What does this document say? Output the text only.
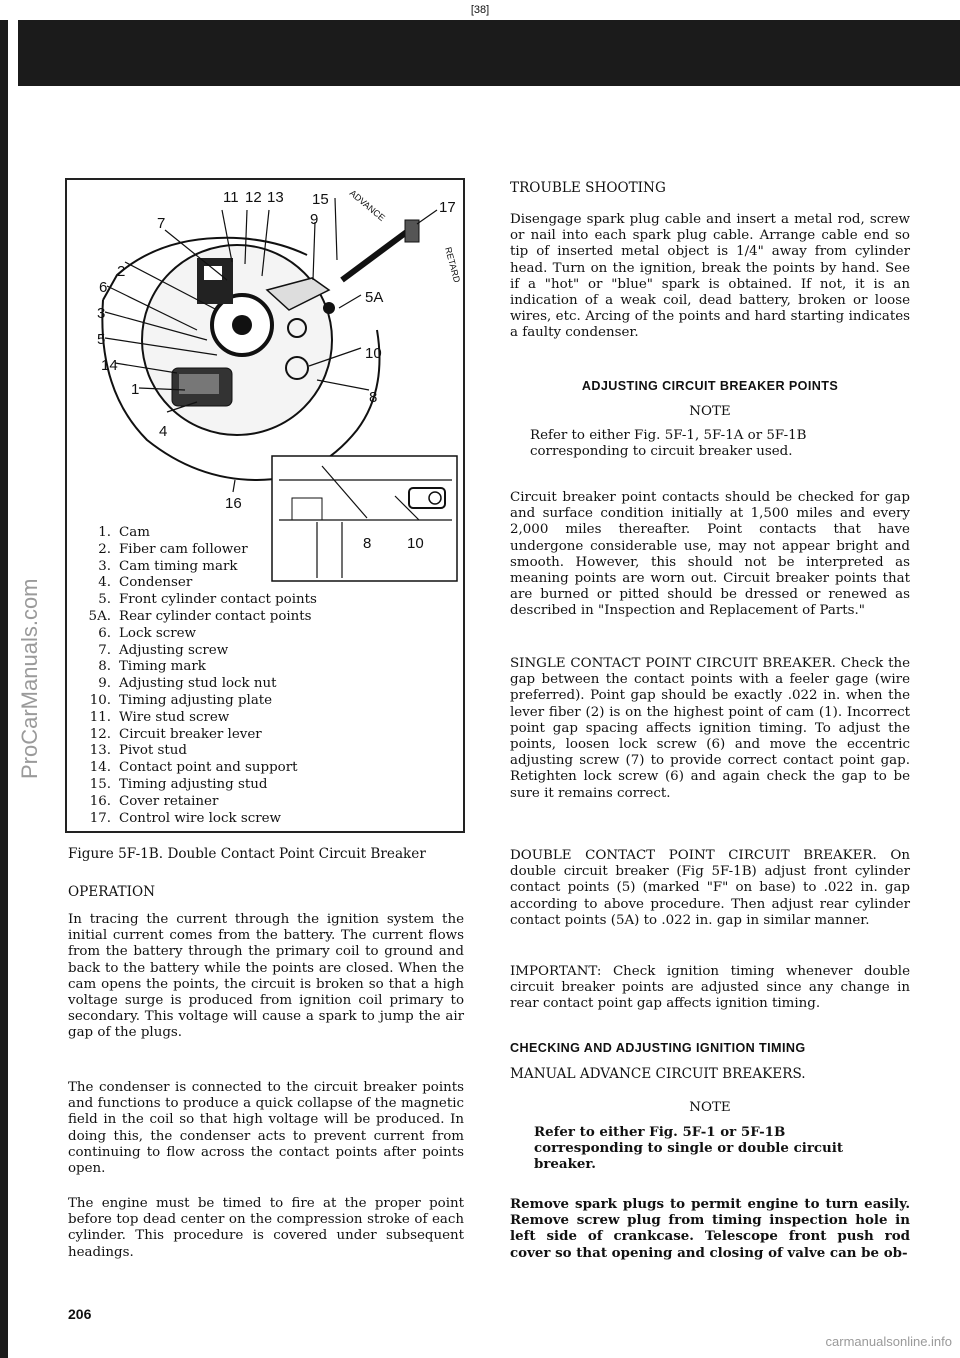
[38]
ProCarManuals.com
11 12 13 15	17
7	9
2
6
3
5
14
1
4
5A
10
8
16
ADVANCE
RETARD
8 10
1. Cam
2. Fiber cam follower
3. Cam timing mark
4. Condenser
5. Front cylinder contact points
5A. Rear cylinder contact points
6. Lock screw
7. Adjusting screw
8. Timing mark
9. Adjusting stud lock nut
10. Timing adjusting plate
11. Wire stud screw
12. Circuit breaker lever
13. Pivot stud
14. Contact point and support
15. Timing adjusting stud
16. Cover retainer
17. Control wire lock screw
Figure 5F-1B. Double Contact Point Circuit Breaker
OPERATION
In tracing the current through the ignition system the initial current comes from the battery. The current flows from the battery through the primary coil to ground and back to the battery while the points are closed. When the cam opens the points, the circuit is broken so that a high voltage surge is produced from ignition coil primary to secondary. This voltage will cause a spark to jump the air gap of the plugs.
The condenser is connected to the circuit breaker points and functions to produce a quick collapse of the magnetic field in the coil so that high voltage will be produced. In doing this, the condenser acts to prevent current from continuing to flow across the contact points after points open.
The engine must be timed to fire at the proper point before top dead center on the compression stroke of each cylinder. This procedure is covered under subsequent headings.
TROUBLE SHOOTING
Disengage spark plug cable and insert a metal rod, screw or nail into each spark plug cable. Arrange cable end so tip of inserted metal object is 1/4" away from cylinder head. Turn on the ignition, break the points by hand. See if a "hot" or "blue" spark is obtained. If not, it is an indication of a weak coil, dead battery, broken or loose wires, etc. Arcing of the points and hard starting indicates a faulty condenser.
ADJUSTING CIRCUIT BREAKER POINTS
NOTE
Refer to either Fig. 5F-1, 5F-1A or 5F-1B corresponding to circuit breaker used.
Circuit breaker point contacts should be checked for gap and surface condition initially at 1,500 miles and every 2,000 miles thereafter. Point contacts that have undergone considerable use, may not appear bright and smooth. However, this should not be interpreted as meaning points are worn out. Circuit breaker points that are burned or pitted should be dressed or renewed as described in "Inspection and Replacement of Parts."
SINGLE CONTACT POINT CIRCUIT BREAKER. Check the gap between the contact points with a feeler gage (wire preferred). Point gap should be exactly .022 in. when the lever fiber (2) is on the highest point of cam (1). Incorrect point gap spacing affects ignition timing. To adjust the points, loosen lock screw (6) and move the eccentric adjusting screw (7) to provide correct contact point gap. Retighten lock screw (6) and again check the gap to be sure it remains correct.
DOUBLE CONTACT POINT CIRCUIT BREAKER. On double circuit breaker (Fig 5F-1B) adjust front cylinder contact points (5) (marked "F" on base) to .022 in. gap according to above procedure. Then adjust rear cylinder contact points (5A) to .022 in. gap in similar manner.
IMPORTANT: Check ignition timing whenever double circuit breaker points are adjusted since any change in rear contact point gap affects ignition timing.
CHECKING AND ADJUSTING IGNITION TIMING
MANUAL ADVANCE CIRCUIT BREAKERS.
NOTE
Refer to either Fig. 5F-1 or 5F-1B corresponding to single or double circuit breaker.
Remove spark plugs to permit engine to turn easily. Remove screw plug from timing inspection hole in left side of crankcase. Telescope front push rod cover so that opening and closing of valve can be ob-
206
carmanualsonline.info
